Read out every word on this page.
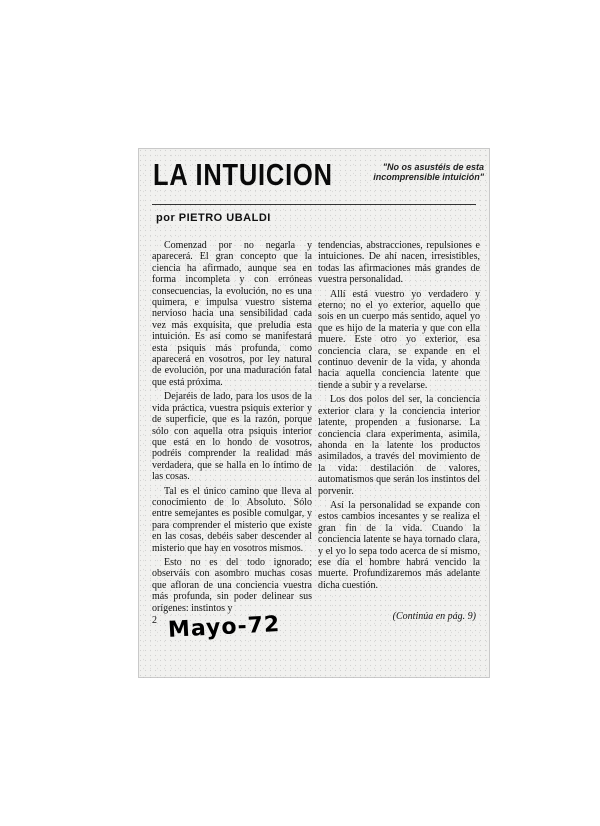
LA INTUICION	"No os asustéis de esta incomprensible intuición"
por PIETRO UBALDI

Comenzad por no negarla y aparecerá. El gran concepto que la ciencia ha afirmado, aunque sea en forma incompleta y con erróneas consecuencias, la evolución, no es una quimera, e impulsa vuestro sistema nervioso hacia una sensibilidad cada vez más exquisita, que preludia esta intuición. Es así como se manifestará esta psiquis más profunda, como aparecerá en vosotros, por ley natural de evolución, por una maduración fatal que está próxima.

Dejaréis de lado, para los usos de la vida práctica, vuestra psiquis exterior y de superficie, que es la razón, porque sólo con aquella otra psiquis interior que está en lo hondo de vosotros, podréis comprender la realidad más verdadera, que se halla en lo íntimo de las cosas.

Tal es el único camino que lleva al conocimiento de lo Absoluto. Sólo entre semejantes es posible comulgar, y para comprender el misterio que existe en las cosas, debéis saber descender al misterio que hay en vosotros mismos.

Esto no es del todo ignorado; observáis con asombro muchas cosas que afloran de una conciencia vuestra más profunda, sin poder delinear sus orígenes: instintos y

tendencias, abstracciones, repulsiones e intuiciones. De ahí nacen, irresistibles, todas las afirmaciones más grandes de vuestra personalidad.

Allí está vuestro yo verdadero y eterno; no el yo exterior, aquello que sois en un cuerpo más sentido, aquel yo que es hijo de la materia y que con ella muere. Este otro yo exterior, esa conciencia clara, se expande en el continuo devenir de la vida, y ahonda hacia aquella conciencia latente que tiende a subir y a revelarse.

Los dos polos del ser, la conciencia exterior clara y la conciencia interior latente, propenden a fusionarse. La conciencia clara experimenta, asimila, ahonda en la latente los productos asimilados, a través del movimiento de la vida: destilación de valores, automatismos que serán los instintos del porvenir.

Así la personalidad se expande con estos cambios incesantes y se realiza el gran fin de la vida. Cuando la conciencia latente se haya tornado clara, y el yo lo sepa todo acerca de sí mismo, ese día el hombre habrá vencido la muerte. Profundizaremos más adelante dicha cuestión.

2 Mayo-72	(Continúa en pág. 9)
